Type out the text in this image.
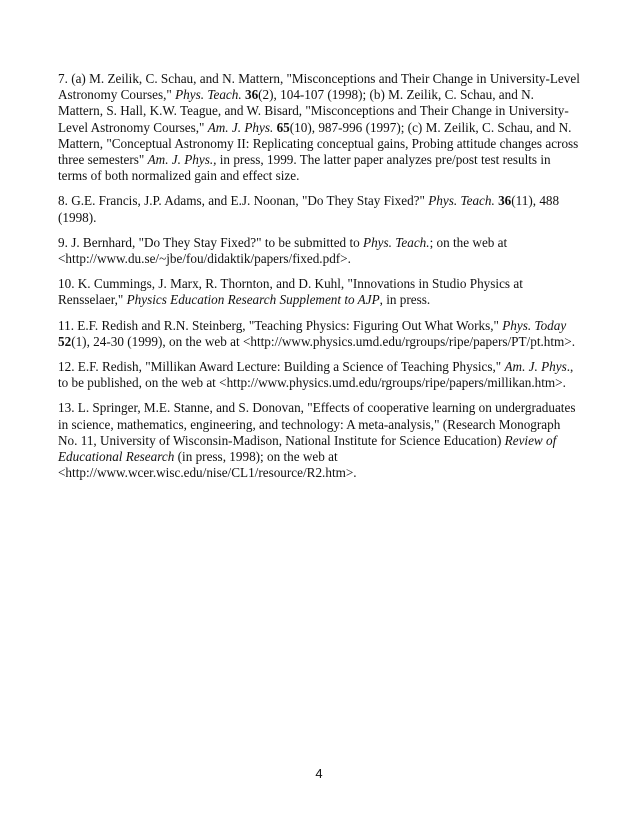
7. (a) M. Zeilik, C. Schau, and N. Mattern, "Misconceptions and Their Change in University-Level Astronomy Courses," Phys. Teach. 36(2), 104-107 (1998); (b) M. Zeilik, C. Schau, and N. Mattern, S. Hall, K.W. Teague, and W. Bisard, "Misconceptions and Their Change in University-Level Astronomy Courses," Am. J. Phys. 65(10), 987-996 (1997); (c) M. Zeilik, C. Schau, and N. Mattern, "Conceptual Astronomy II: Replicating conceptual gains, Probing attitude changes across three semesters" Am. J. Phys., in press, 1999. The latter paper analyzes pre/post test results in terms of both normalized gain and effect size.

8. G.E. Francis, J.P. Adams, and E.J. Noonan, "Do They Stay Fixed?" Phys. Teach. 36(11), 488 (1998).

9. J. Bernhard, "Do They Stay Fixed?" to be submitted to Phys. Teach.; on the web at <http://www.du.se/~jbe/fou/didaktik/papers/fixed.pdf>.

10. K. Cummings, J. Marx, R. Thornton, and D. Kuhl, "Innovations in Studio Physics at Rensselaer," Physics Education Research Supplement to AJP, in press.

11. E.F. Redish and R.N. Steinberg, "Teaching Physics: Figuring Out What Works," Phys. Today 52(1), 24-30 (1999), on the web at <http://www.physics.umd.edu/rgroups/ripe/papers/PT/pt.htm>.

12. E.F. Redish, "Millikan Award Lecture: Building a Science of Teaching Physics," Am. J. Phys., to be published, on the web at <http://www.physics.umd.edu/rgroups/ripe/papers/millikan.htm>.

13. L. Springer, M.E. Stanne, and S. Donovan, "Effects of cooperative learning on undergraduates in science, mathematics, engineering, and technology: A meta-analysis," (Research Monograph No. 11, University of Wisconsin-Madison, National Institute for Science Education) Review of Educational Research (in press, 1998); on the web at <http://www.wcer.wisc.edu/nise/CL1/resource/R2.htm>.

4
